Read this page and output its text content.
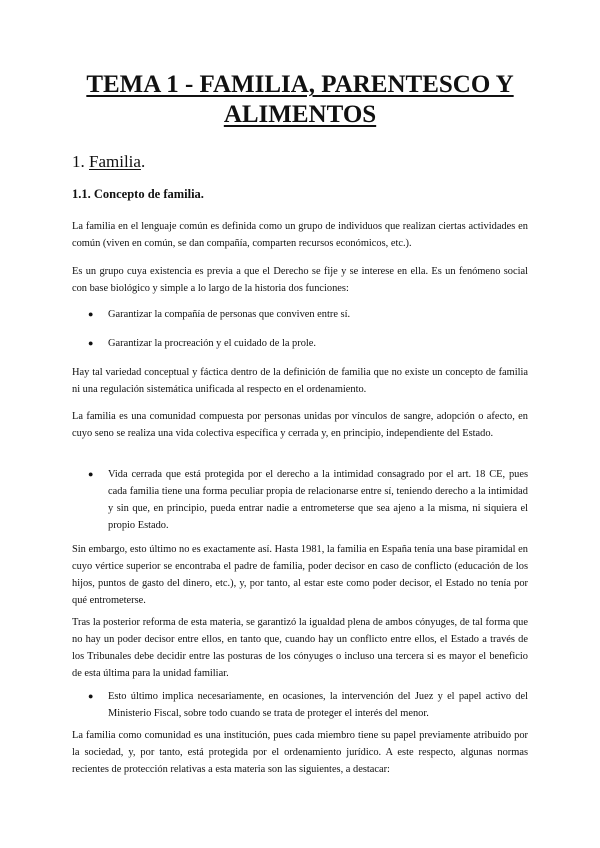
TEMA 1 - FAMILIA, PARENTESCO Y ALIMENTOS
1. Familia.
1.1. Concepto de familia.

La familia en el lenguaje común es definida como un grupo de individuos que realizan ciertas actividades en común (viven en común, se dan compañía, comparten recursos económicos, etc.).

Es un grupo cuya existencia es previa a que el Derecho se fije y se interese en ella. Es un fenómeno social con base biológico y simple a lo largo de la historia dos funciones:

● Garantizar la compañía de personas que conviven entre sí.
● Garantizar la procreación y el cuidado de la prole.

Hay tal variedad conceptual y fáctica dentro de la definición de familia que no existe un concepto de familia ni una regulación sistemática unificada al respecto en el ordenamiento.

La familia es una comunidad compuesta por personas unidas por vínculos de sangre, adopción o afecto, en cuyo seno se realiza una vida colectiva específica y cerrada y, en principio, independiente del Estado.

● Vida cerrada que está protegida por el derecho a la intimidad consagrado por el art. 18 CE, pues cada familia tiene una forma peculiar propia de relacionarse entre sí, teniendo derecho a la intimidad y sin que, en principio, pueda entrar nadie a entrometerse que sea ajeno a la misma, ni siquiera el propio Estado.

Sin embargo, esto último no es exactamente así. Hasta 1981, la familia en España tenía una base piramidal en cuyo vértice superior se encontraba el padre de familia, poder decisor en caso de conflicto (educación de los hijos, puntos de gasto del dinero, etc.), y, por tanto, al estar este como poder decisor, el Estado no tenía por qué entrometerse.

Tras la posterior reforma de esta materia, se garantizó la igualdad plena de ambos cónyuges, de tal forma que no hay un poder decisor entre ellos, en tanto que, cuando hay un conflicto entre ellos, el Estado a través de los Tribunales debe decidir entre las posturas de los cónyuges o incluso una tercera si es mayor el beneficio de esta última para la unidad familiar.

● Esto último implica necesariamente, en ocasiones, la intervención del Juez y el papel activo del Ministerio Fiscal, sobre todo cuando se trata de proteger el interés del menor.

La familia como comunidad es una institución, pues cada miembro tiene su papel previamente atribuido por la sociedad, y, por tanto, está protegida por el ordenamiento jurídico. A este respecto, algunas normas recientes de protección relativas a esta materia son las siguientes, a destacar:
